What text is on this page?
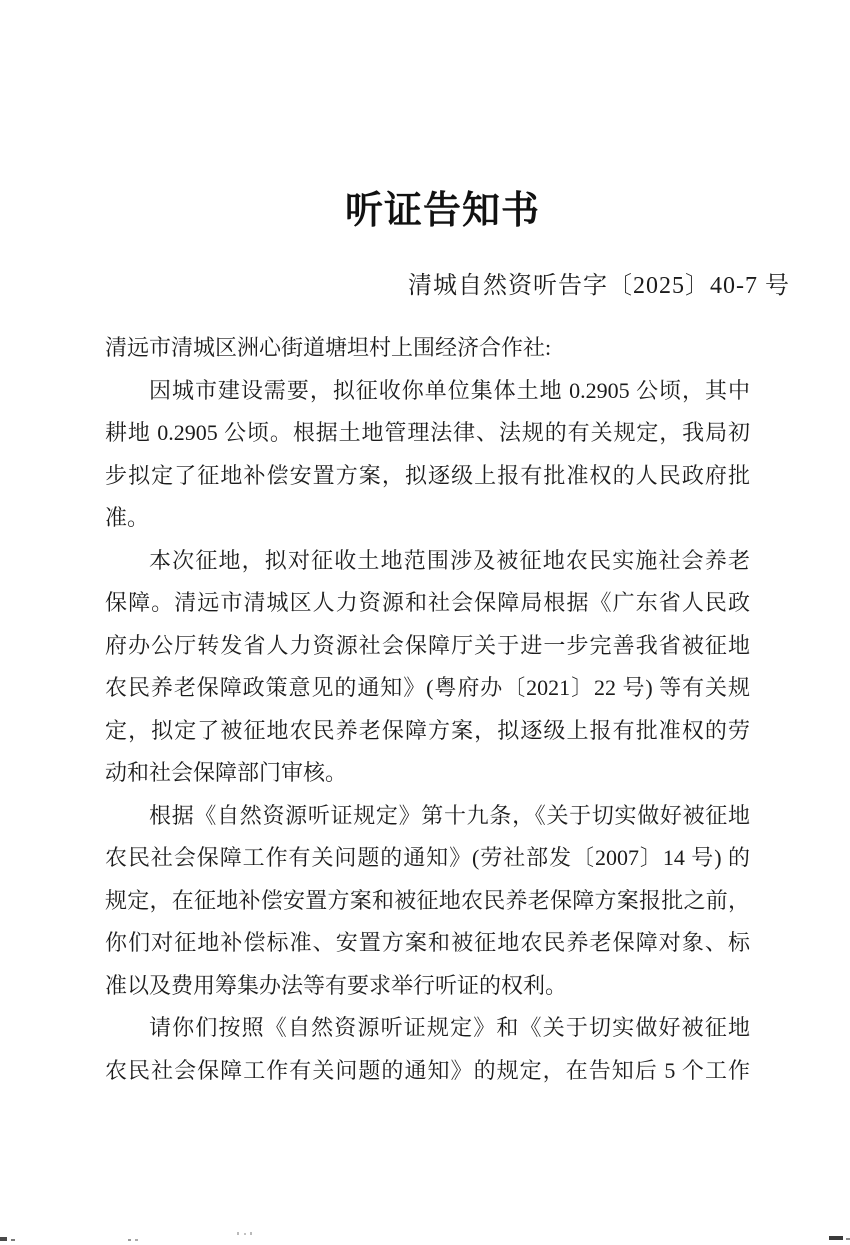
听证告知书
清城自然资听告字〔2025〕40-7 号
清远市清城区洲心街道塘坦村上围经济合作社:
因城市建设需要，拟征收你单位集体土地 0.2905 公顷，其中
耕地 0.2905 公顷。根据土地管理法律、法规的有关规定，我局初
步拟定了征地补偿安置方案，拟逐级上报有批准权的人民政府批
准。
本次征地，拟对征收土地范围涉及被征地农民实施社会养老
保障。清远市清城区人力资源和社会保障局根据《广东省人民政
府办公厅转发省人力资源社会保障厅关于进一步完善我省被征地
农民养老保障政策意见的通知》(粤府办〔2021〕22 号) 等有关规
定，拟定了被征地农民养老保障方案，拟逐级上报有批准权的劳
动和社会保障部门审核。
根据《自然资源听证规定》第十九条，《关于切实做好被征地
农民社会保障工作有关问题的通知》(劳社部发〔2007〕14 号) 的
规定，在征地补偿安置方案和被征地农民养老保障方案报批之前，
你们对征地补偿标准、安置方案和被征地农民养老保障对象、标
准以及费用筹集办法等有要求举行听证的权利。
请你们按照《自然资源听证规定》和《关于切实做好被征地
农民社会保障工作有关问题的通知》的规定，在告知后 5 个工作
